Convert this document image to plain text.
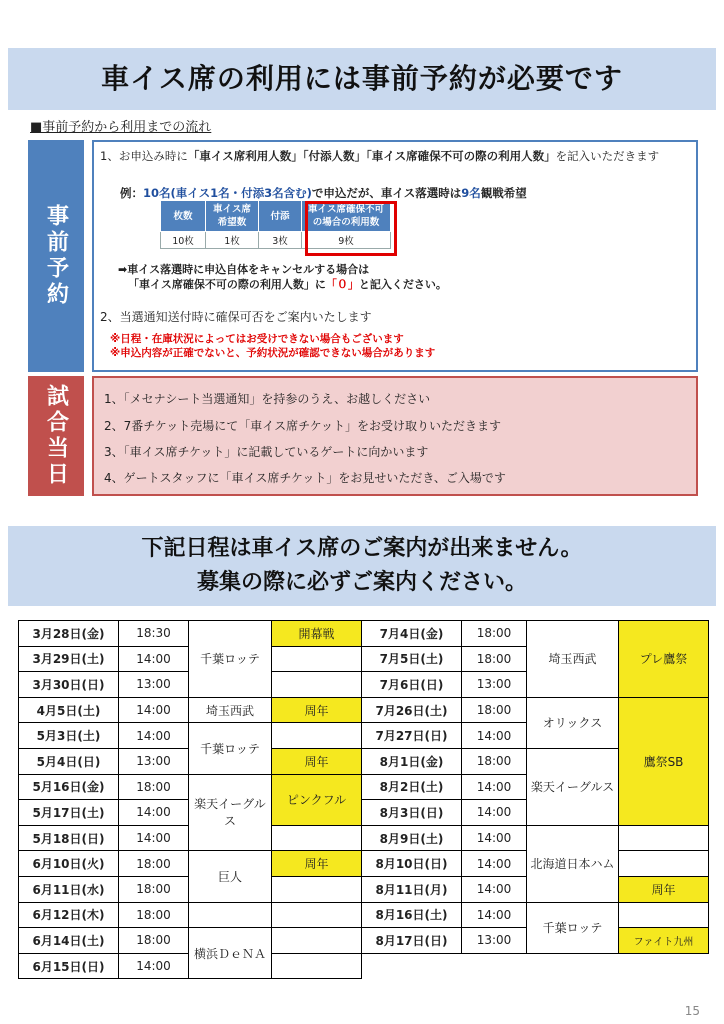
車イス席の利用には事前予約が必要です
■事前予約から利用までの流れ
事前予約
1、お申込み時に「車イス席利用人数」「付添人数」「車イス席確保不可の際の利用人数」を記入いただきます
例：10名(車イス1名・付添3名含む)で申込だが、車イス落選時は9名観戦希望
枚数	車イス席希望数	付添	車イス席確保不可の場合の利用数
10枚	1枚	3枚	9枚
➡車イス落選時に申込自体をキャンセルする場合は
「車イス席確保不可の際の利用人数」に「０」と記入ください。
2、当選通知送付時に確保可否をご案内いたします
※日程・在庫状況によってはお受けできない場合もございます
※申込内容が正確でないと、予約状況が確認できない場合があります
試合当日	1、「メセナシート当選通知」を持参のうえ、お越しください
2、7番チケット売場にて「車イス席チケット」をお受け取りいただきます
3、「車イス席チケット」に記載しているゲートに向かいます
4、ゲートスタッフに「車イス席チケット」をお見せいただき、ご入場です
下記日程は車イス席のご案内が出来ません。
募集の際に必ずご案内ください。
3月28日(金)	18:30	千葉ロッテ	開幕戦	7月4日(金)	18:00	埼玉西武	プレ鷹祭
3月29日(土)	14:00			7月5日(土)	18:00		
3月30日(日)	13:00			7月6日(日)	13:00		
4月5日(土)	14:00	埼玉西武	周年	7月26日(土)	18:00	オリックス	鷹祭SB
5月3日(土)	14:00	千葉ロッテ		7月27日(日)	14:00		
5月4日(日)	13:00		周年	8月1日(金)	18:00	楽天イーグルス	
5月16日(金)	18:00	楽天イーグルス	ピンクフル	8月2日(土)	14:00		
5月17日(土)	14:00			8月3日(日)	14:00		
5月18日(日)	14:00			8月9日(土)	14:00	北海道日本ハム	
6月10日(火)	18:00	巨人	周年	8月10日(日)	14:00		
6月11日(水)	18:00			8月11日(月)	14:00		周年
6月12日(木)	18:00			8月16日(土)	14:00	千葉ロッテ	
6月14日(土)	18:00	横浜ＤｅＮＡ		8月17日(日)	13:00		ファイト九州
6月15日(日)	14:00						
15
